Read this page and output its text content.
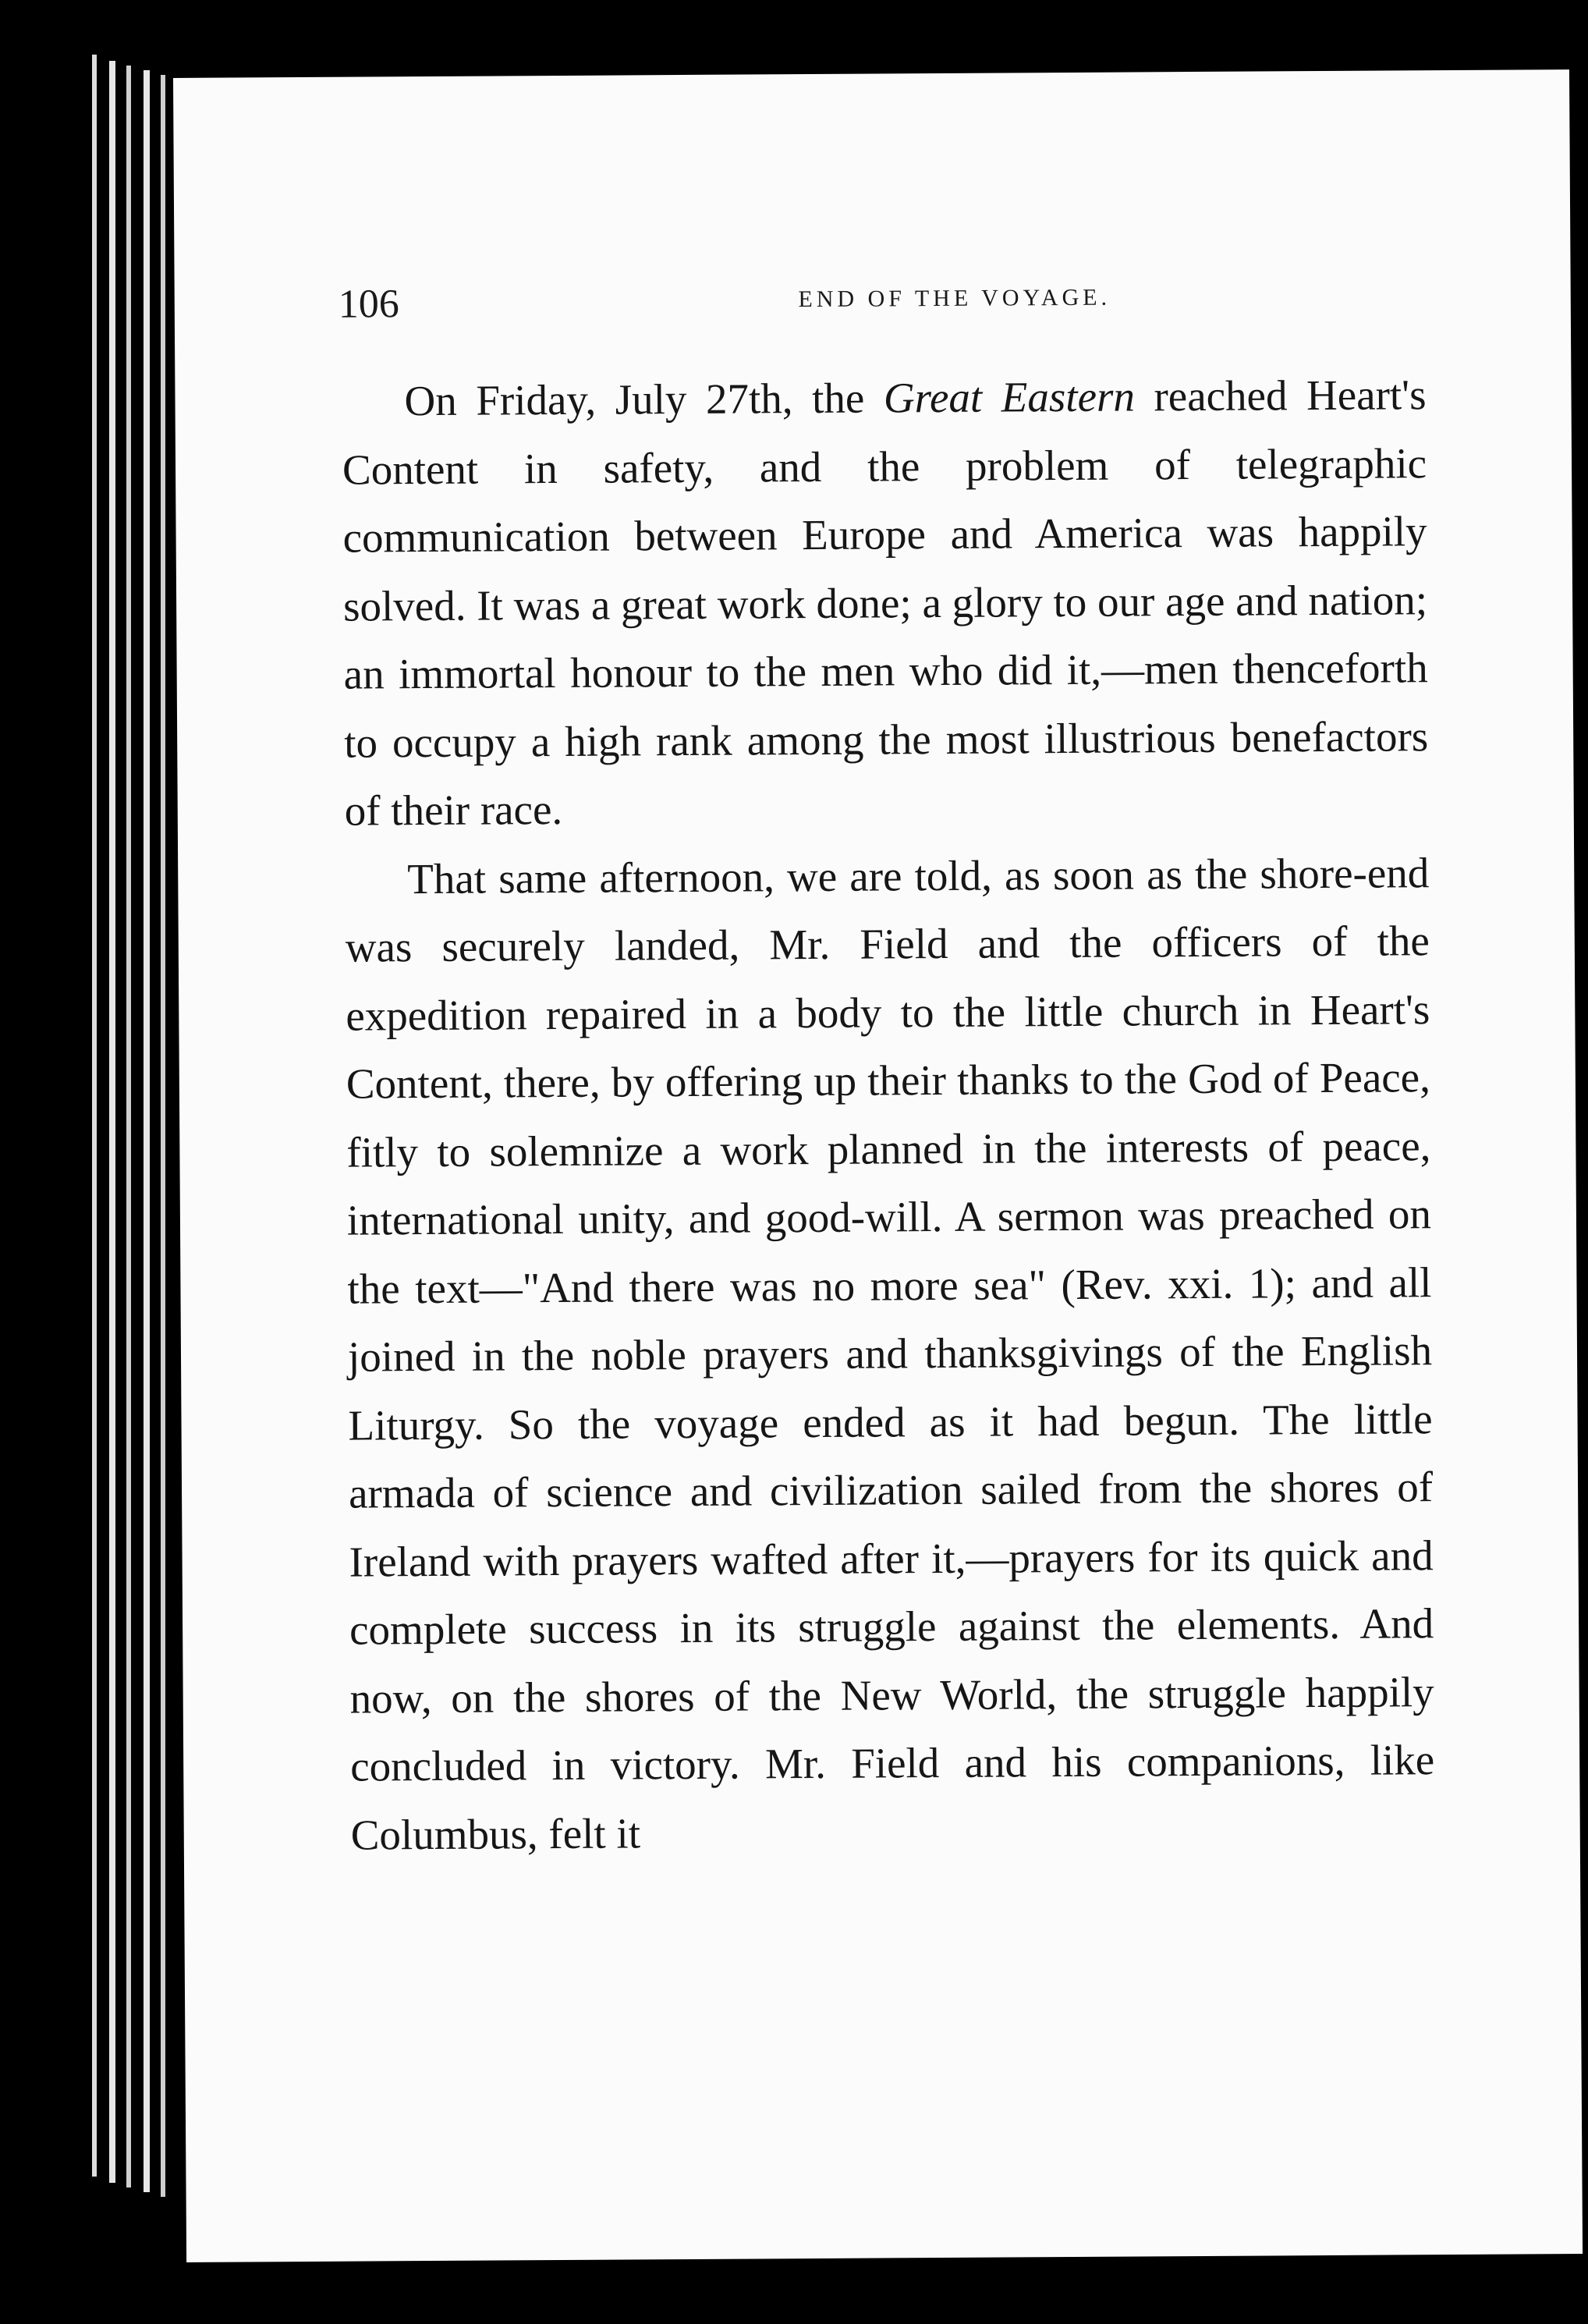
106	END OF THE VOYAGE.

On Friday, July 27th, the Great Eastern reached Heart's Content in safety, and the problem of telegraphic communication between Europe and America was happily solved. It was a great work done; a glory to our age and nation; an immortal honour to the men who did it,—men thenceforth to occupy a high rank among the most illustrious benefactors of their race.

That same afternoon, we are told, as soon as the shore-end was securely landed, Mr. Field and the officers of the expedition repaired in a body to the little church in Heart's Content, there, by offering up their thanks to the God of Peace, fitly to solemnize a work planned in the interests of peace, international unity, and good-will. A sermon was preached on the text—"And there was no more sea" (Rev. xxi. 1); and all joined in the noble prayers and thanksgivings of the English Liturgy. So the voyage ended as it had begun. The little armada of science and civilization sailed from the shores of Ireland with prayers wafted after it,—prayers for its quick and complete success in its struggle against the elements. And now, on the shores of the New World, the struggle happily concluded in victory. Mr. Field and his companions, like Columbus, felt it
